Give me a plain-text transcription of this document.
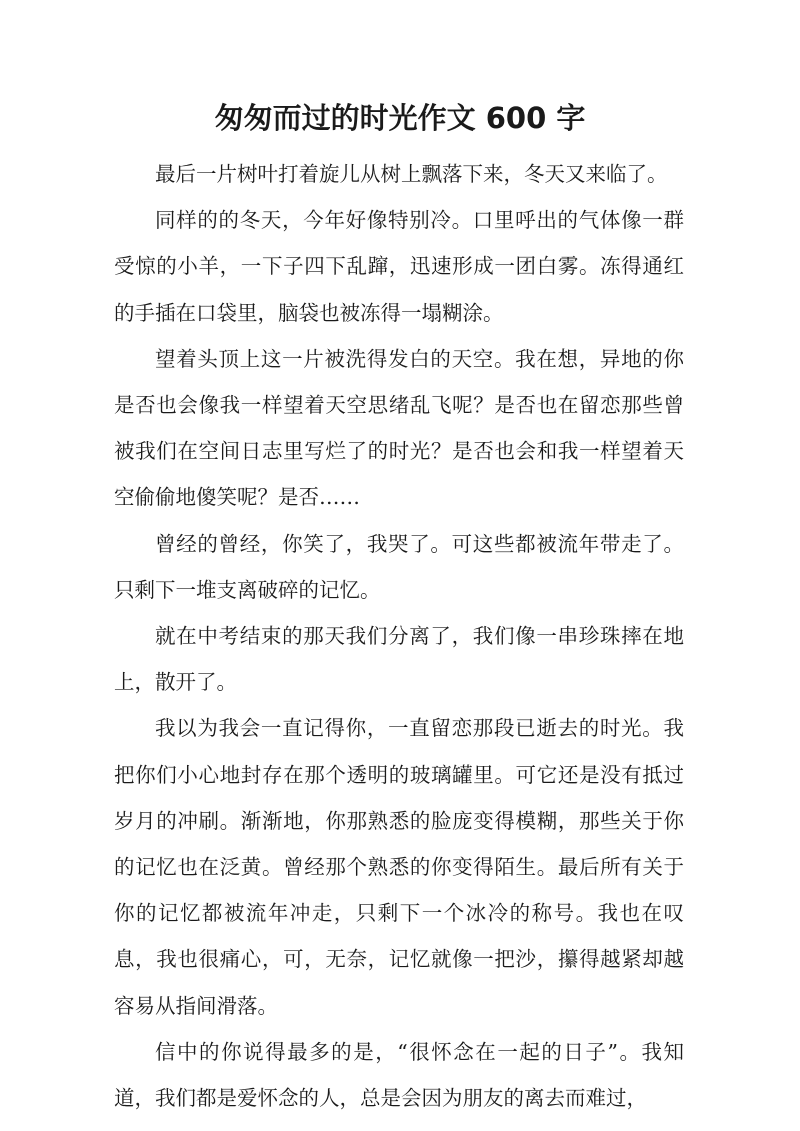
匆匆而过的时光作文 600 字

最后一片树叶打着旋儿从树上飘落下来，冬天又来临了。

同样的的冬天，今年好像特别冷。口里呼出的气体像一群受惊的小羊，一下子四下乱蹿，迅速形成一团白雾。冻得通红的手插在口袋里，脑袋也被冻得一塌糊涂。

望着头顶上这一片被洗得发白的天空。我在想，异地的你是否也会像我一样望着天空思绪乱飞呢？是否也在留恋那些曾被我们在空间日志里写烂了的时光？是否也会和我一样望着天空偷偷地傻笑呢？是否……

曾经的曾经，你笑了，我哭了。可这些都被流年带走了。只剩下一堆支离破碎的记忆。

就在中考结束的那天我们分离了，我们像一串珍珠摔在地上，散开了。

我以为我会一直记得你，一直留恋那段已逝去的时光。我把你们小心地封存在那个透明的玻璃罐里。可它还是没有抵过岁月的冲刷。渐渐地，你那熟悉的脸庞变得模糊，那些关于你的记忆也在泛黄。曾经那个熟悉的你变得陌生。最后所有关于你的记忆都被流年冲走，只剩下一个冰冷的称号。我也在叹息，我也很痛心，可，无奈，记忆就像一把沙，攥得越紧却越容易从指间滑落。

信中的你说得最多的是，“很怀念在一起的日子”。我知道，我们都是爱怀念的人，总是会因为朋友的离去而难过，
